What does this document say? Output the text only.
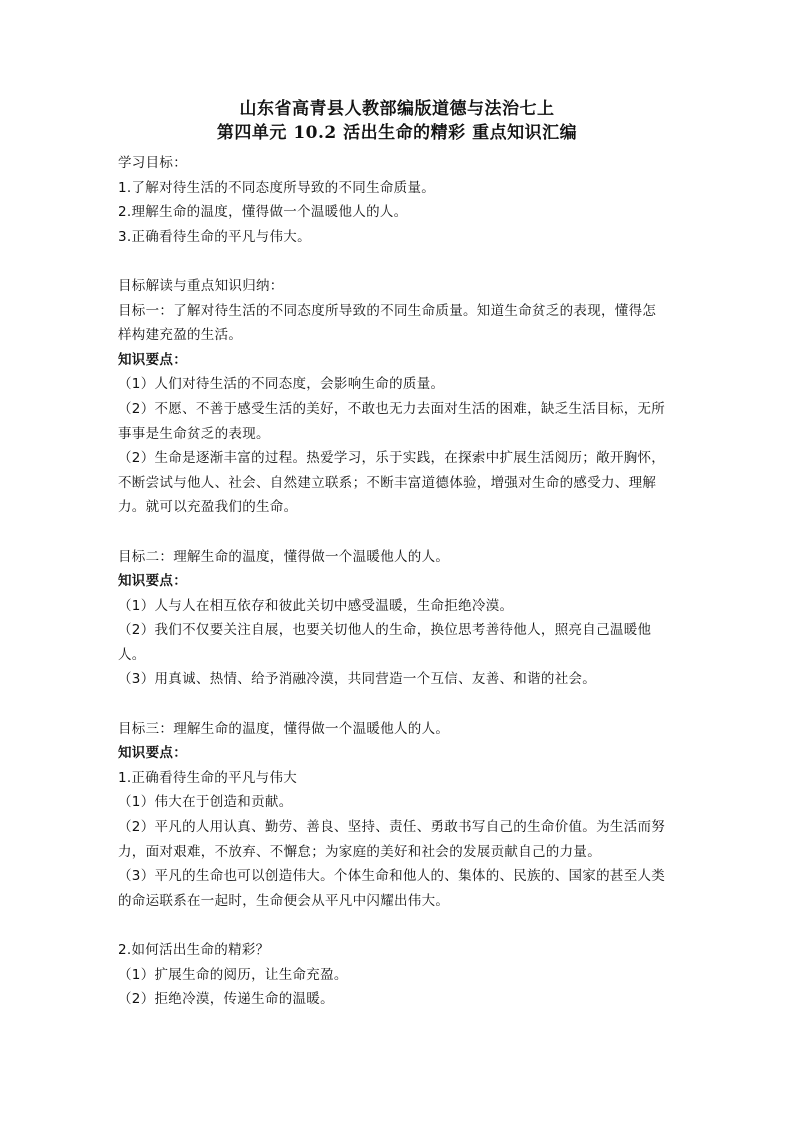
山东省高青县人教部编版道德与法治七上
第四单元 10.2 活出生命的精彩 重点知识汇编
学习目标：
1.了解对待生活的不同态度所导致的不同生命质量。
2.理解生命的温度，懂得做一个温暖他人的人。
3.正确看待生命的平凡与伟大。
目标解读与重点知识归纳：
目标一：了解对待生活的不同态度所导致的不同生命质量。知道生命贫乏的表现，懂得怎
样构建充盈的生活。
知识要点：
（1）人们对待生活的不同态度，会影响生命的质量。
（2）不愿、不善于感受生活的美好，不敢也无力去面对生活的困难，缺乏生活目标，无所
事事是生命贫乏的表现。
（2）生命是逐渐丰富的过程。热爱学习，乐于实践，在探索中扩展生活阅历；敞开胸怀，
不断尝试与他人、社会、自然建立联系；不断丰富道德体验，增强对生命的感受力、理解
力。就可以充盈我们的生命。
目标二：理解生命的温度，懂得做一个温暖他人的人。
知识要点：
（1）人与人在相互依存和彼此关切中感受温暖，生命拒绝冷漠。
（2）我们不仅要关注自展，也要关切他人的生命，换位思考善待他人，照亮自己温暖他
人。
（3）用真诚、热情、给予消融冷漠，共同营造一个互信、友善、和谐的社会。
目标三：理解生命的温度，懂得做一个温暖他人的人。
知识要点：
1.正确看待生命的平凡与伟大
（1）伟大在于创造和贡献。
（2）平凡的人用认真、勤劳、善良、坚持、责任、勇敢书写自己的生命价值。为生活而努
力，面对艰难，不放弃、不懈怠；为家庭的美好和社会的发展贡献自己的力量。
（3）平凡的生命也可以创造伟大。个体生命和他人的、集体的、民族的、国家的甚至人类
的命运联系在一起时，生命便会从平凡中闪耀出伟大。
2.如何活出生命的精彩？
（1）扩展生命的阅历，让生命充盈。
（2）拒绝冷漠，传递生命的温暖。
